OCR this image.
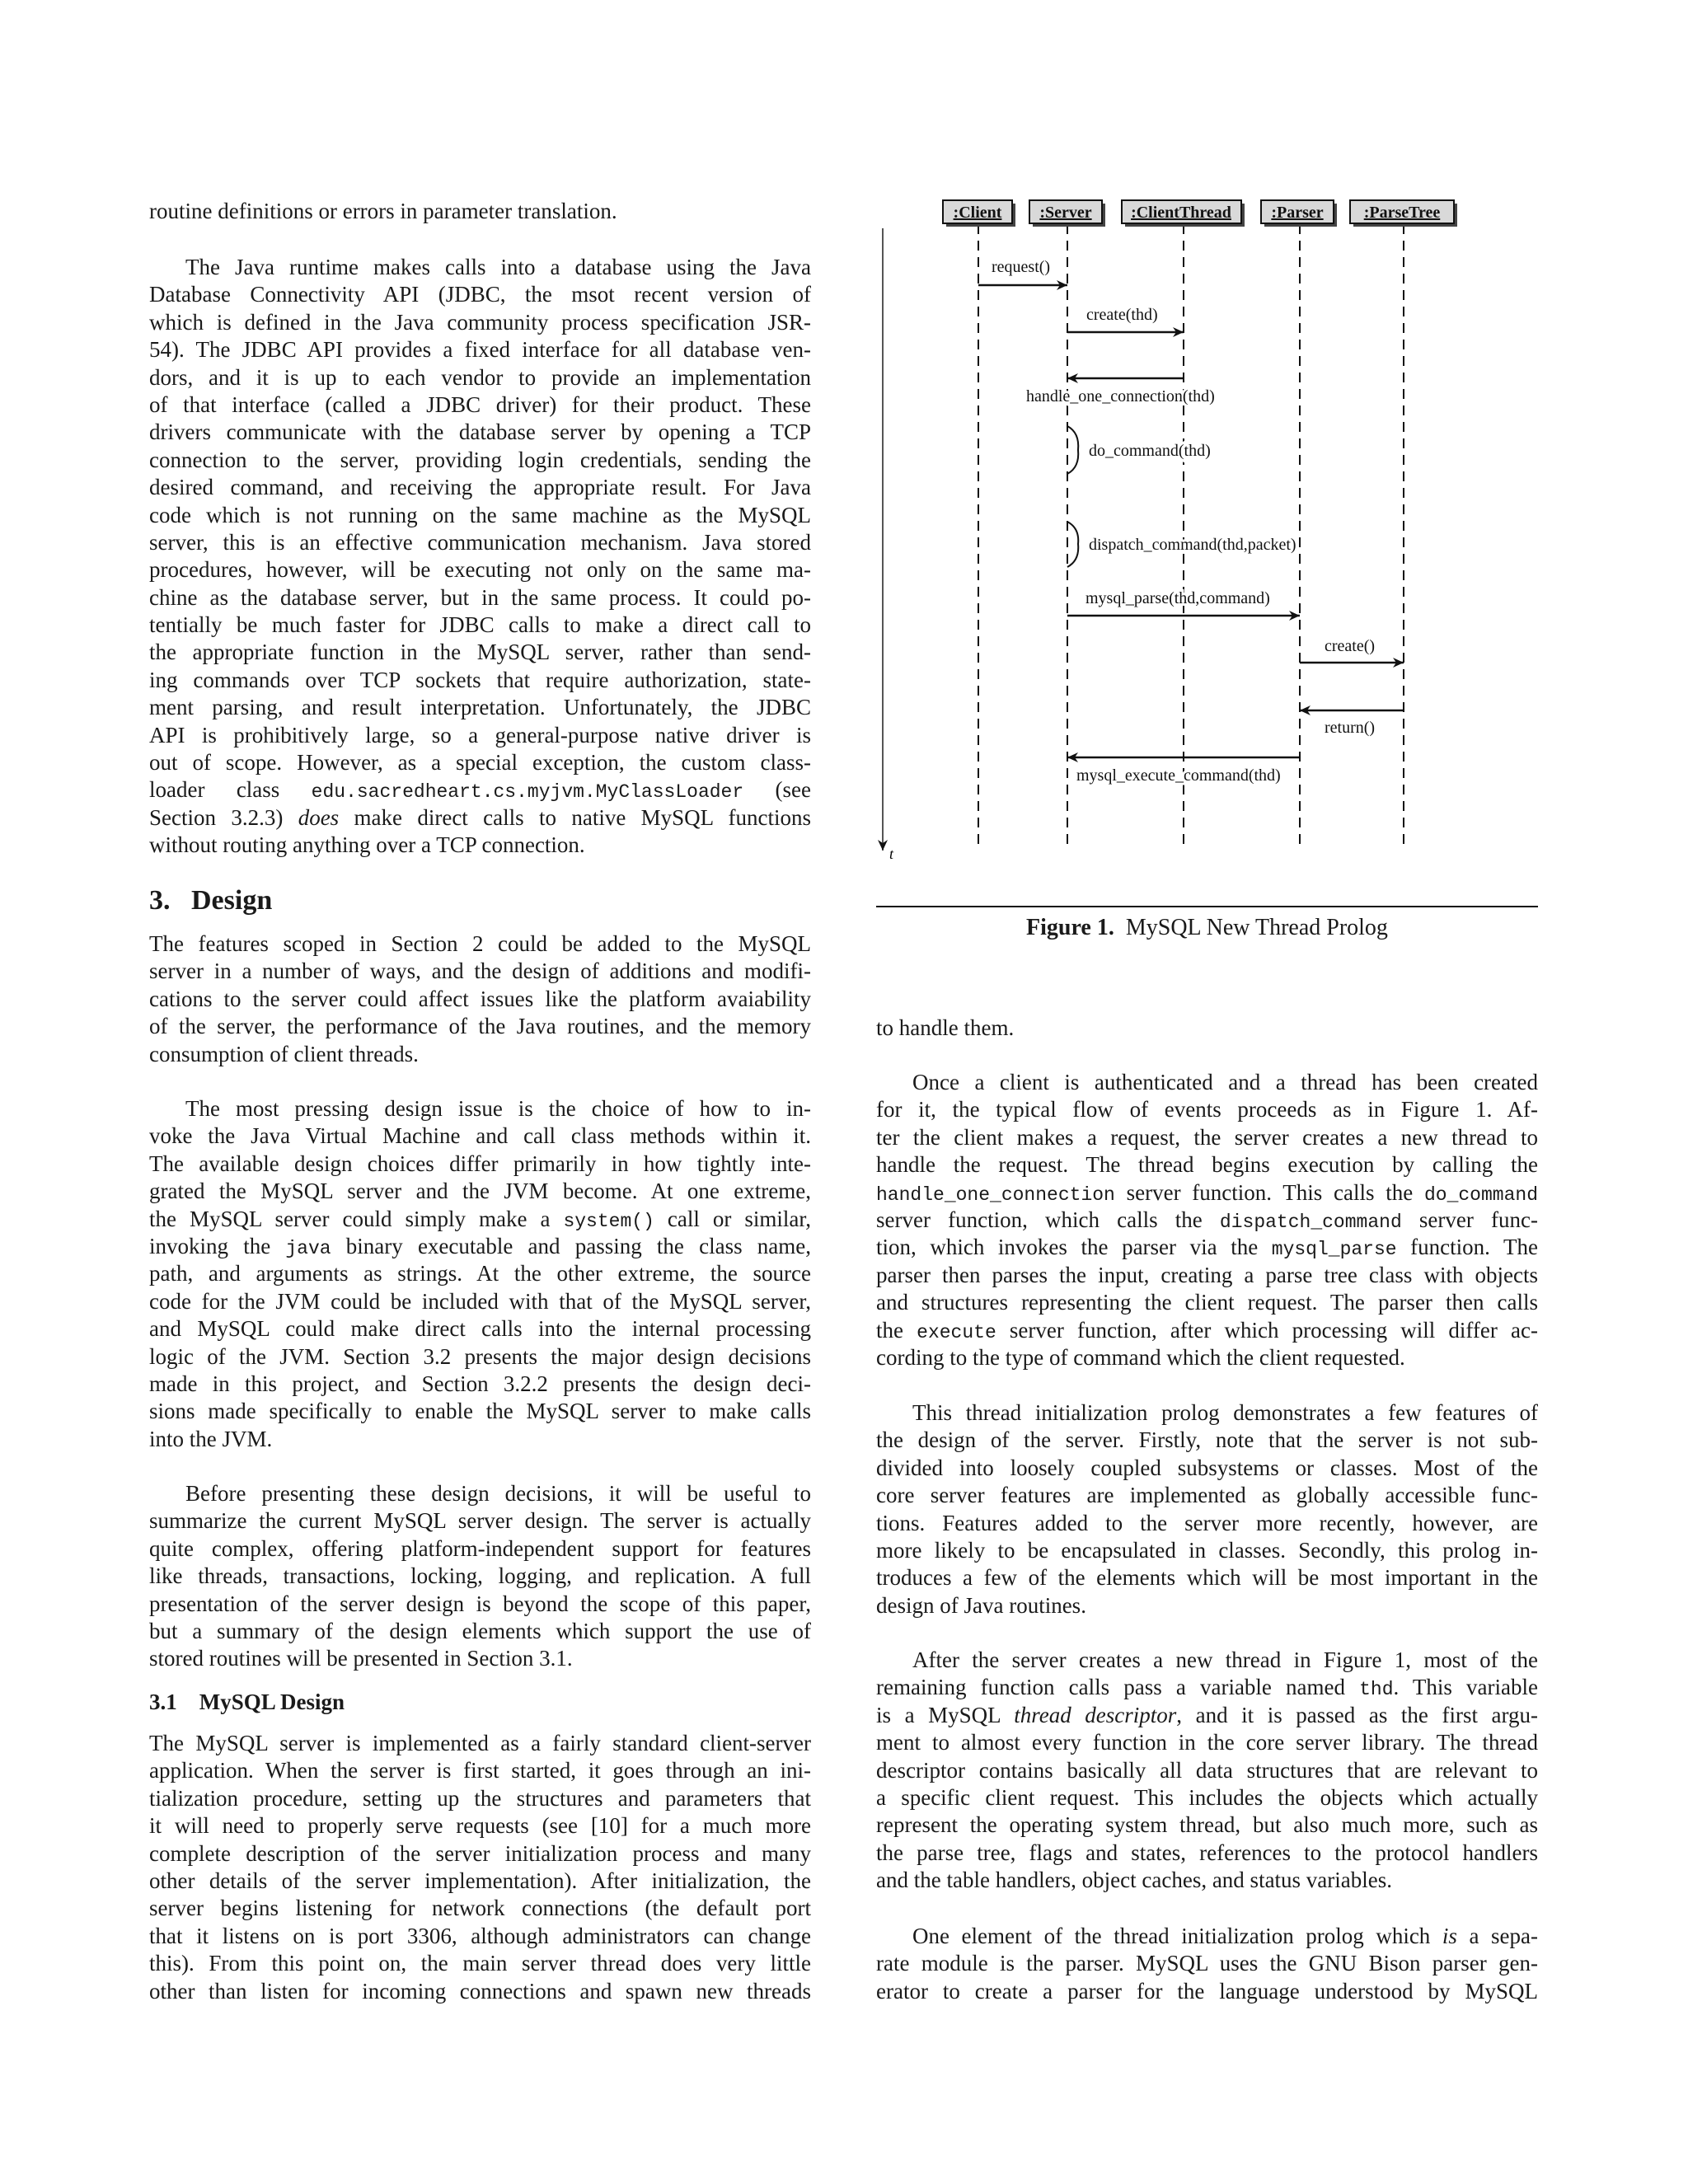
routine definitions or errors in parameter translation.
The Java runtime makes calls into a database using the Java
Database Connectivity API (JDBC, the msot recent version of
which is defined in the Java community process specification JSR-
54). The JDBC API provides a fixed interface for all database ven-
dors, and it is up to each vendor to provide an implementation
of that interface (called a JDBC driver) for their product. These
drivers communicate with the database server by opening a TCP
connection to the server, providing login credentials, sending the
desired command, and receiving the appropriate result. For Java
code which is not running on the same machine as the MySQL
server, this is an effective communication mechanism. Java stored
procedures, however, will be executing not only on the same ma-
chine as the database server, but in the same process. It could po-
tentially be much faster for JDBC calls to make a direct call to
the appropriate function in the MySQL server, rather than send-
ing commands over TCP sockets that require authorization, state-
ment parsing, and result interpretation. Unfortunately, the JDBC
API is prohibitively large, so a general-purpose native driver is
out of scope. However, as a special exception, the custom class-
loader class edu.sacredheart.cs.myjvm.MyClassLoader (see
Section 3.2.3) does make direct calls to native MySQL functions
without routing anything over a TCP connection.
The features scoped in Section 2 could be added to the MySQL
server in a number of ways, and the design of additions and modifi-
cations to the server could affect issues like the platform avaiability
of the server, the performance of the Java routines, and the memory
consumption of client threads.
The most pressing design issue is the choice of how to in-
voke the Java Virtual Machine and call class methods within it.
The available design choices differ primarily in how tightly inte-
grated the MySQL server and the JVM become. At one extreme,
the MySQL server could simply make a system() call or similar,
invoking the java binary executable and passing the class name,
path, and arguments as strings. At the other extreme, the source
code for the JVM could be included with that of the MySQL server,
and MySQL could make direct calls into the internal processing
logic of the JVM. Section 3.2 presents the major design decisions
made in this project, and Section 3.2.2 presents the design deci-
sions made specifically to enable the MySQL server to make calls
into the JVM.
Before presenting these design decisions, it will be useful to
summarize the current MySQL server design. The server is actually
quite complex, offering platform-independent support for features
like threads, transactions, locking, logging, and replication. A full
presentation of the server design is beyond the scope of this paper,
but a summary of the design elements which support the use of
stored routines will be presented in Section 3.1.
The MySQL server is implemented as a fairly standard client-server
application. When the server is first started, it goes through an ini-
tialization procedure, setting up the structures and parameters that
it will need to properly serve requests (see [10] for a much more
complete description of the server initialization process and many
other details of the server implementation). After initialization, the
server begins listening for network connections (the default port
that it listens on is port 3306, although administrators can change
this). From this point on, the main server thread does very little
other than listen for incoming connections and spawn new threads
to handle them.
Once a client is authenticated and a thread has been created
for it, the typical flow of events proceeds as in Figure 1. Af-
ter the client makes a request, the server creates a new thread to
handle the request. The thread begins execution by calling the
handle_one_connection server function. This calls the do_command
server function, which calls the dispatch_command server func-
tion, which invokes the parser via the mysql_parse function. The
parser then parses the input, creating a parse tree class with objects
and structures representing the client request. The parser then calls
the execute server function, after which processing will differ ac-
cording to the type of command which the client requested.
This thread initialization prolog demonstrates a few features of
the design of the server. Firstly, note that the server is not sub-
divided into loosely coupled subsystems or classes. Most of the
core server features are implemented as globally accessible func-
tions. Features added to the server more recently, however, are
more likely to be encapsulated in classes. Secondly, this prolog in-
troduces a few of the elements which will be most important in the
design of Java routines.
After the server creates a new thread in Figure 1, most of the
remaining function calls pass a variable named thd. This variable
is a MySQL thread descriptor, and it is passed as the first argu-
ment to almost every function in the core server library. The thread
descriptor contains basically all data structures that are relevant to
a specific client request. This includes the objects which actually
represent the operating system thread, but also much more, such as
the parse tree, flags and states, references to the protocol handlers
and the table handlers, object caches, and status variables.
One element of the thread initialization prolog which is a sepa-
rate module is the parser. MySQL uses the GNU Bison parser gen-
erator to create a parser for the language understood by MySQL
3.   Design
3.1    MySQL Design
:Client :Server :ClientThread :Parser :ParseTree
t
request()
create(thd)
handle_one_connection(thd)
do_command(thd)
dispatch_command(thd,packet)
mysql_parse(thd,command)
create()
return()
mysql_execute_command(thd)
Figure 1. MySQL New Thread Prolog
